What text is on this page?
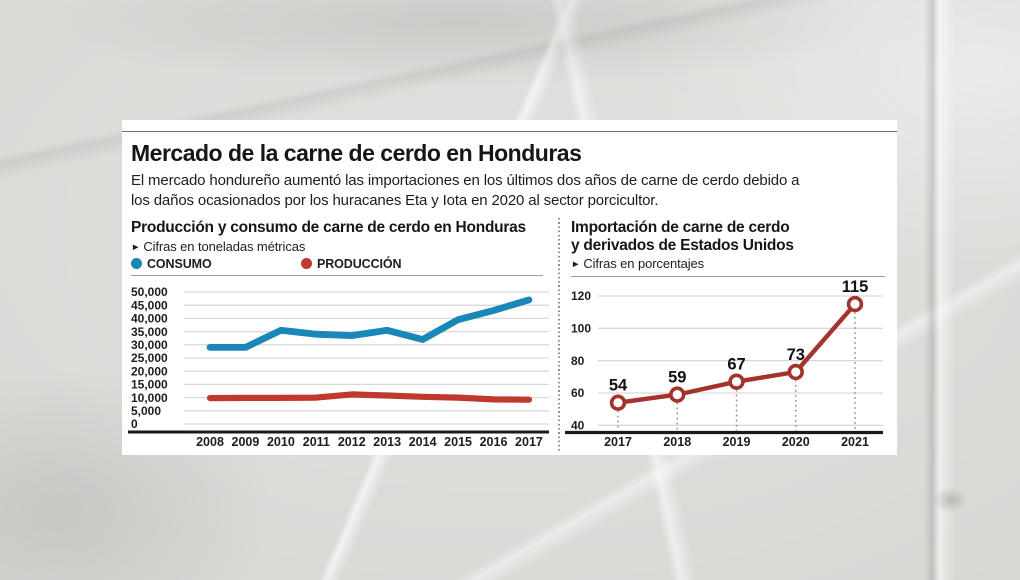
Mercado de la carne de cerdo en Honduras

El mercado hondureño aumentó las importaciones en los últimos dos años de carne de cerdo debido a
los daños ocasionados por los huracanes Eta y Iota en 2020 al sector porcicultor.

Producción y consumo de carne de cerdo en Honduras
► Cifras en toneladas métricas
CONSUMO	PRODUCCIÓN
0
5,000
10,000
15,000
20,000
25,000
30,000
35,000
40,000
45,000
50,000
2008 2009 2010 2011 2012 2013 2014 2015 2016 2017
Importación de carne de cerdo
y derivados de Estados Unidos
► Cifras en porcentajes
120
100
80
60
40
54 59
67
73
115
2017	2018	2019	2020	2021
